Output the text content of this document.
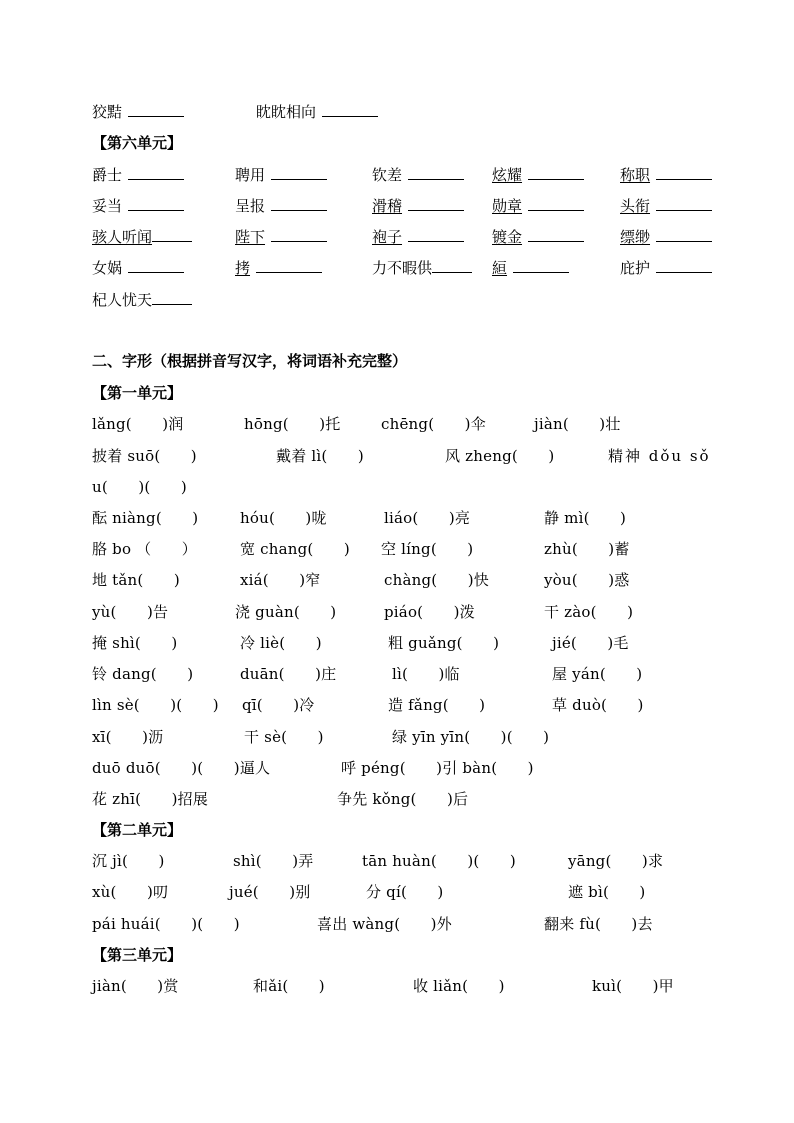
狡黠	眈眈相向
【第六单元】
爵士	聘用	钦差	炫耀	称职
妥当	呈报	滑稽	勋章	头衔
骇人听闻	陛下	袍子	镀金	缥缈
女娲	拷	力不暇供	絙	庇护
杞人忧天
二、字形（根据拼音写汉字，将词语补充完整）
【第一单元】
lǎng(　　)润	hōng(　　)托	chēng(　　)伞	jiàn(　　)壮
披着 suō(　　)	戴着 lì(　　)	风 zheng(　　)	精神 dǒu sǒ
u(　　)(　　)
酝 niàng(　　)	hóu(　　)咙	liáo(　　)亮	静 mì(　　)
胳 bo （　　）	宽 chang(　　) 空 líng(　　)	zhù(　　)蓄
地 tǎn(　　)	xiá(　　)窄	chàng(　　)快	yòu(　　)惑
yù(　　)告	浇 guàn(　　)	piáo(　　)泼	干 zào(　　)
掩 shì(　　)	冷 liè(　　)	粗 guǎng(　　)	jié(　　)毛
铃 dang(　　)	duān(　　)庄	lì(　　)临	屋 yán(　　)
lìn sè(　　)(　　) qī(　　)冷	造 fǎng(　　)	草 duò(　　)
xī(　　)沥	干 sè(　　)	绿 yīn yīn(　　)(　　)
duō duō(　　)(　　)逼人	呼 péng(　　)引 bàn(　　)
花 zhī(　　)招展	争先 kǒng(　　)后
【第二单元】
沉 jì(　　)	shì(　　)弄	tān huàn(　　)(　　)	yāng(　　)求
xù(　　)叨	jué(　　)别	分 qí(　　)	遮 bì(　　)
pái huái(　　)(　　)	喜出 wàng(　　)外	翻来 fù(　　)去
【第三单元】
jiàn(　　)赏	和ǎi(　　)	收 liǎn(　　)	kuì(　　)甲
